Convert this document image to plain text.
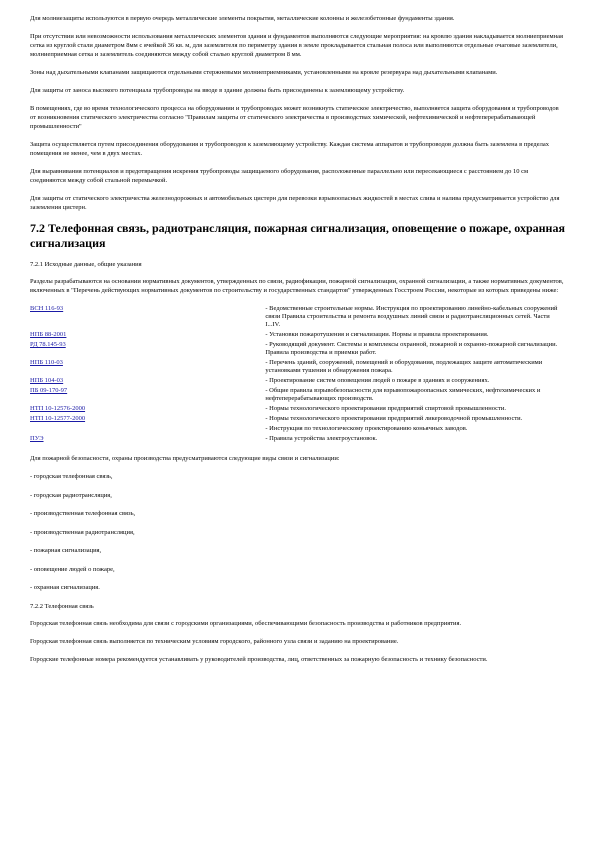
Для молниезащиты используются в первую очередь металлические элементы покрытия, металлические колонны и железобетонные фундаменты здания.

При отсутствии или невозможности использования металлических элементов здания и фундаментов выполняются следующие мероприятия: на кровлю здания накладывается молниеприемная сетка из круглой стали диаметром 8мм с ячейкой 36 кв. м, для заземлителя по периметру здания в земле прокладывается стальная полоса или выполняются отдельные очаговые заземлители, молниеприемная сетка и заземлитель соединяются между собой сталью круглой диаметром 8 мм.

Зоны над дыхательными клапанами защищаются отдельными стержневыми молниеприемниками, установленными на кровле резервуара над дыхательными клапанами.

Для защиты от заноса высокого потенциала трубопроводы на вводе в здание должны быть присоединены к заземляющему устройству.

В помещениях, где во время технологического процесса на оборудовании и трубопроводах может возникнуть статическое электричество, выполняется защита оборудования и трубопроводов от возникновения статического электричества согласно "Правилам защиты от статического электричества в производствах химической, нефтехимической и нефтеперерабатывающей промышленности"

Защита осуществляется путем присоединения оборудования и трубопроводов к заземляющему устройству. Каждая система аппаратов и трубопроводов должна быть заземлена в пределах помещения не менее, чем в двух местах.

Для выравнивания потенциалов и предотвращения искрения трубопроводы защищаемого оборудования, расположенные параллельно или пересекающиеся с расстоянием до 10 см соединяются между собой стальной перемычкой.

Для защиты от статического электричества железнодорожных и автомобильных цистерн для перевозки взрывоопасных жидкостей в местах слива и налива предусматривается устройство для заземления цистерн.

7.2 Телефонная связь, радиотрансляция, пожарная сигнализация, оповещение о пожаре, охранная сигнализация
7.2.1 Исходные данные, общие указания

Разделы разрабатываются на основании нормативных документов, утвержденных по связи, радиофикации, пожарной сигнализации, охранной сигнализации, а также нормативных документов, включенных в "Перечень действующих нормативных документов по строительству и государственных стандартов" утвержденных Госстроем России, некоторые из которых приведены ниже:

ВСН 116-93	- Ведомственные строительные нормы. Инструкция по проектированию линейно-кабельных сооружений связи Правила строительства и ремонта воздушных линий связи и радиотрансляционных сетей. Части I...IV.
НПБ 88-2001	- Установки пожаротушения и сигнализации. Нормы и правила проектирования.
РД 78.145-93	- Руководящий документ. Системы и комплексы охранной, пожарной и охранно-пожарной сигнализации. Правила производства и приемки работ.
НПБ 110-03	- Перечень зданий, сооружений, помещений и оборудования, подлежащих защите автоматическими установками тушения и обнаружения пожара.
НПБ 104-03	- Проектирование систем оповещения людей о пожаре в зданиях и сооружениях.
ПБ 09-170-97	- Общие правила взрывобезопасности для взрывопожароопасных химических, нефтехимических и нефтеперерабатывающих производств.
НТП 10-12576-2000	- Нормы технологического проектирования предприятий спиртовой промышленности.
НТП 10-12577-2000	- Нормы технологического проектирования предприятий ликероводочной промышленности.
	- Инструкция по технологическому проектированию коньячных заводов.
ПУЭ	- Правила устройства электроустановок.

Для пожарной безопасности, охраны производства предусматриваются следующие виды связи и сигнализации:

- городская телефонная связь,
- городская радиотрансляция,
- производственная телефонная связь,
- производственная радиотрансляция,
- пожарная сигнализация,
- оповещение людей о пожаре,
- охранная сигнализация.
7.2.2 Телефонная связь

Городская телефонная связь необходима для связи с городскими организациями, обеспечивающими безопасность производства и работников предприятия.

Городская телефонная связь выполняется по техническим условиям городского, районного узла связи и заданию на проектирование.

Городские телефонные номера рекомендуется устанавливать у руководителей производства, лиц, ответственных за пожарную безопасность и технику безопасности.
